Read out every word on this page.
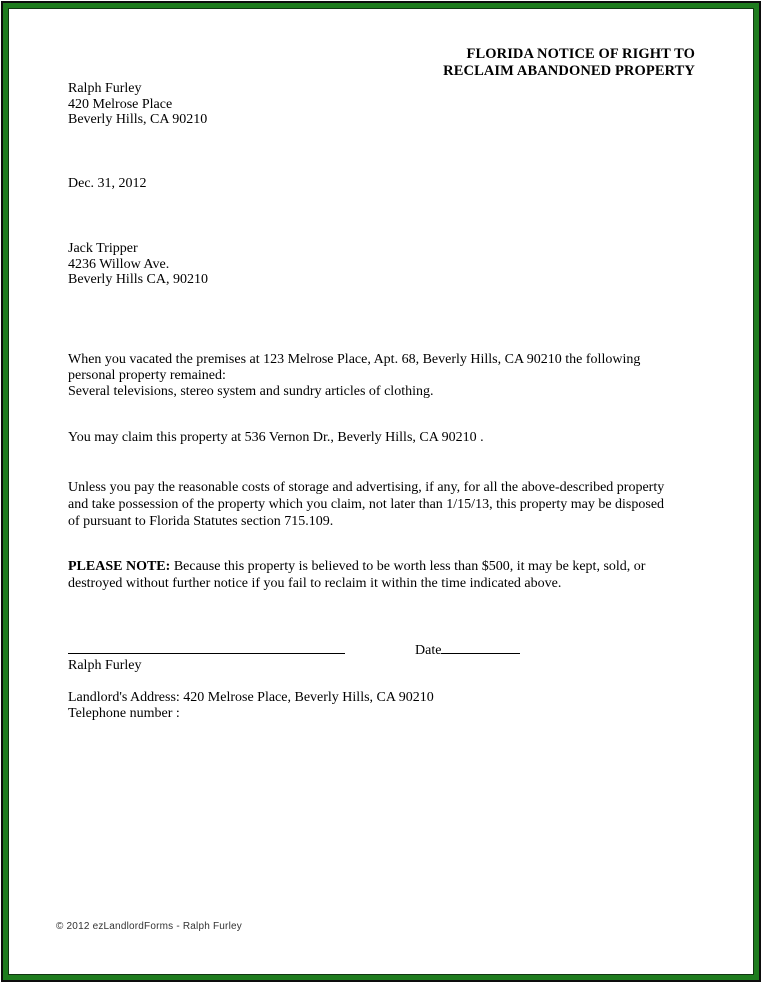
FLORIDA NOTICE OF RIGHT TO
RECLAIM ABANDONED PROPERTY
Ralph Furley
420 Melrose Place
Beverly Hills, CA 90210
Dec. 31, 2012
Jack Tripper
4236 Willow Ave.
Beverly Hills CA, 90210
When you vacated the premises at 123 Melrose Place, Apt. 68, Beverly Hills, CA 90210 the following
personal property remained:
Several televisions, stereo system and sundry articles of clothing.
You may claim this property at 536 Vernon Dr., Beverly Hills, CA 90210 .
Unless you pay the reasonable costs of storage and advertising, if any, for all the above-described property
and take possession of the property which you claim, not later than 1/15/13, this property may be disposed
of pursuant to Florida Statutes section 715.109.
PLEASE NOTE: Because this property is believed to be worth less than $500, it may be kept, sold, or
destroyed without further notice if you fail to reclaim it within the time indicated above.
Date
Ralph Furley
Landlord's Address: 420 Melrose Place, Beverly Hills, CA 90210
Telephone number :
© 2012 ezLandlordForms - Ralph Furley
